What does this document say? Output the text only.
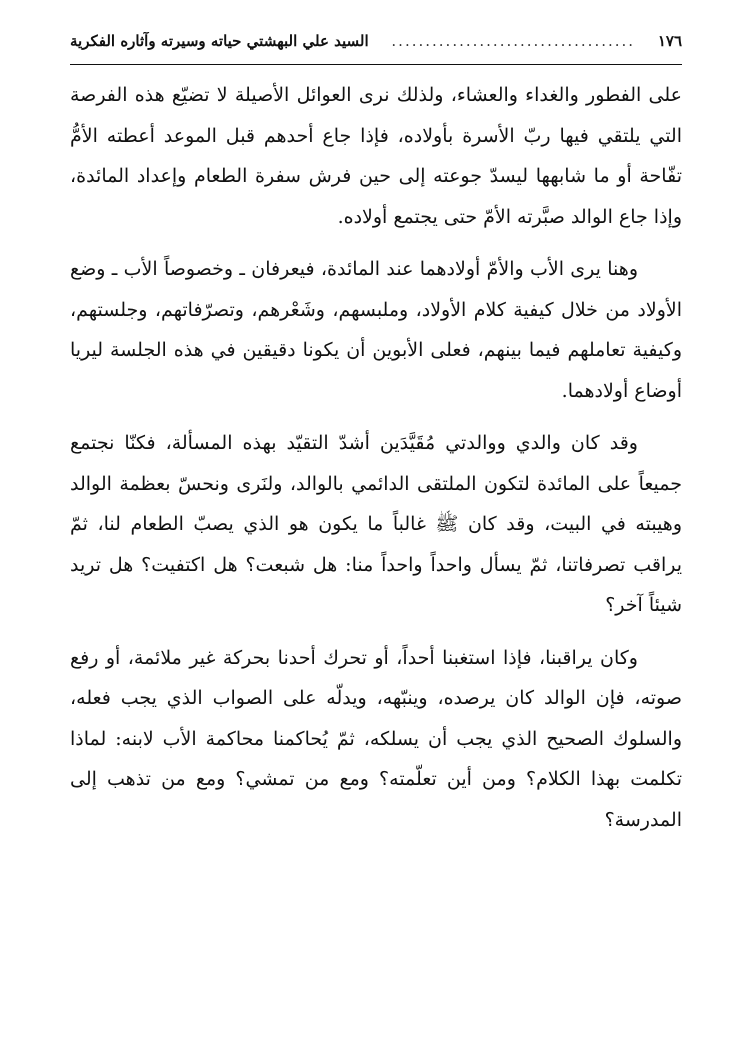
١٧٦
....................................
السيد علي البهشتي حياته وسيرته وآثاره الفكرية

على الفطور والغداء والعشاء، ولذلك نرى العوائل الأصيلة لا تضيّع هذه الفرصة التي يلتقي فيها ربّ الأسرة بأولاده، فإذا جاع أحدهم قبل الموعد أعطته الأمُّ تفّاحة أو ما شابهها ليسدّ جوعته إلى حين فرش سفرة الطعام وإعداد المائدة، وإذا جاع الوالد صبَّرته الأمّ حتى يجتمع أولاده.

وهنا يرى الأب والأمّ أولادهما عند المائدة، فيعرفان ـ وخصوصاً الأب ـ وضع الأولاد من خلال كيفية كلام الأولاد، وملبسهم، وشَعْرهم، وتصرّفاتهم، وجلستهم، وكيفية تعاملهم فيما بينهم، فعلى الأبوين أن يكونا دقيقين في هذه الجلسة ليريا أوضاع أولادهما.

وقد كان والدي ووالدتي مُقَيَّدَين أشدّ التقيّد بهذه المسألة، فكنّا نجتمع جميعاً على المائدة لتكون الملتقى الدائمي بالوالد، ولنَرى ونحسّ بعظمة الوالد وهيبته في البيت، وقد كان ﷺ غالباً ما يكون هو الذي يصبّ الطعام لنا، ثمّ يراقب تصرفاتنا، ثمّ يسأل واحداً واحداً منا: هل شبعت؟ هل اكتفيت؟ هل تريد شيئاً آخر؟

وكان يراقبنا، فإذا استغبنا أحداً، أو تحرك أحدنا بحركة غير ملائمة، أو رفع صوته، فإن الوالد كان يرصده، وينبّهه، ويدلّه على الصواب الذي يجب فعله، والسلوك الصحيح الذي يجب أن يسلكه، ثمّ يُحاكمنا محاكمة الأب لابنه: لماذا تكلمت بهذا الكلام؟ ومن أين تعلّمته؟ ومع من تمشي؟ ومع من تذهب إلى المدرسة؟
